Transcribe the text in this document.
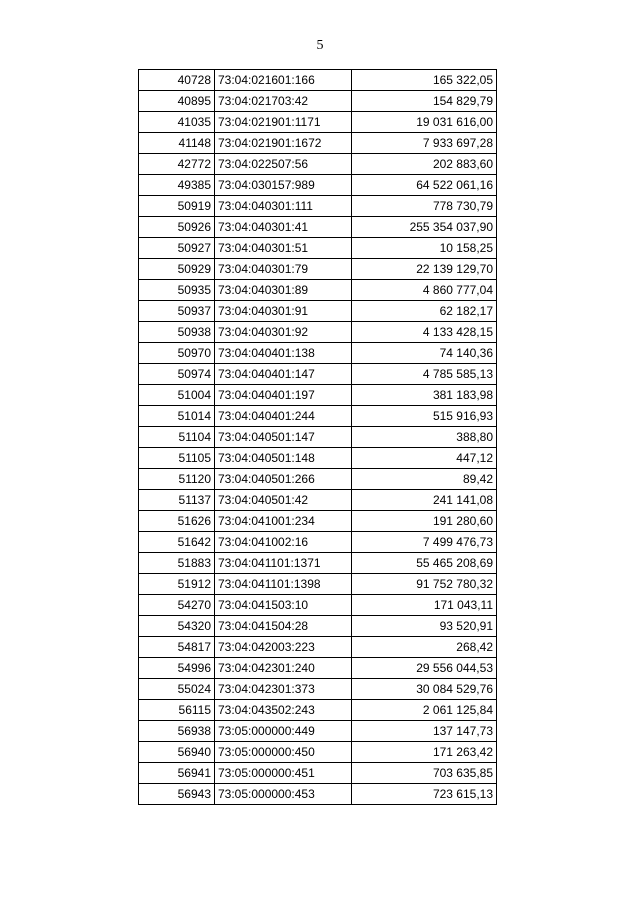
5
40728	73:04:021601:166	165 322,05
40895	73:04:021703:42	154 829,79
41035	73:04:021901:1171	19 031 616,00
41148	73:04:021901:1672	7 933 697,28
42772	73:04:022507:56	202 883,60
49385	73:04:030157:989	64 522 061,16
50919	73:04:040301:111	778 730,79
50926	73:04:040301:41	255 354 037,90
50927	73:04:040301:51	10 158,25
50929	73:04:040301:79	22 139 129,70
50935	73:04:040301:89	4 860 777,04
50937	73:04:040301:91	62 182,17
50938	73:04:040301:92	4 133 428,15
50970	73:04:040401:138	74 140,36
50974	73:04:040401:147	4 785 585,13
51004	73:04:040401:197	381 183,98
51014	73:04:040401:244	515 916,93
51104	73:04:040501:147	388,80
51105	73:04:040501:148	447,12
51120	73:04:040501:266	89,42
51137	73:04:040501:42	241 141,08
51626	73:04:041001:234	191 280,60
51642	73:04:041002:16	7 499 476,73
51883	73:04:041101:1371	55 465 208,69
51912	73:04:041101:1398	91 752 780,32
54270	73:04:041503:10	171 043,11
54320	73:04:041504:28	93 520,91
54817	73:04:042003:223	268,42
54996	73:04:042301:240	29 556 044,53
55024	73:04:042301:373	30 084 529,76
56115	73:04:043502:243	2 061 125,84
56938	73:05:000000:449	137 147,73
56940	73:05:000000:450	171 263,42
56941	73:05:000000:451	703 635,85
56943	73:05:000000:453	723 615,13
